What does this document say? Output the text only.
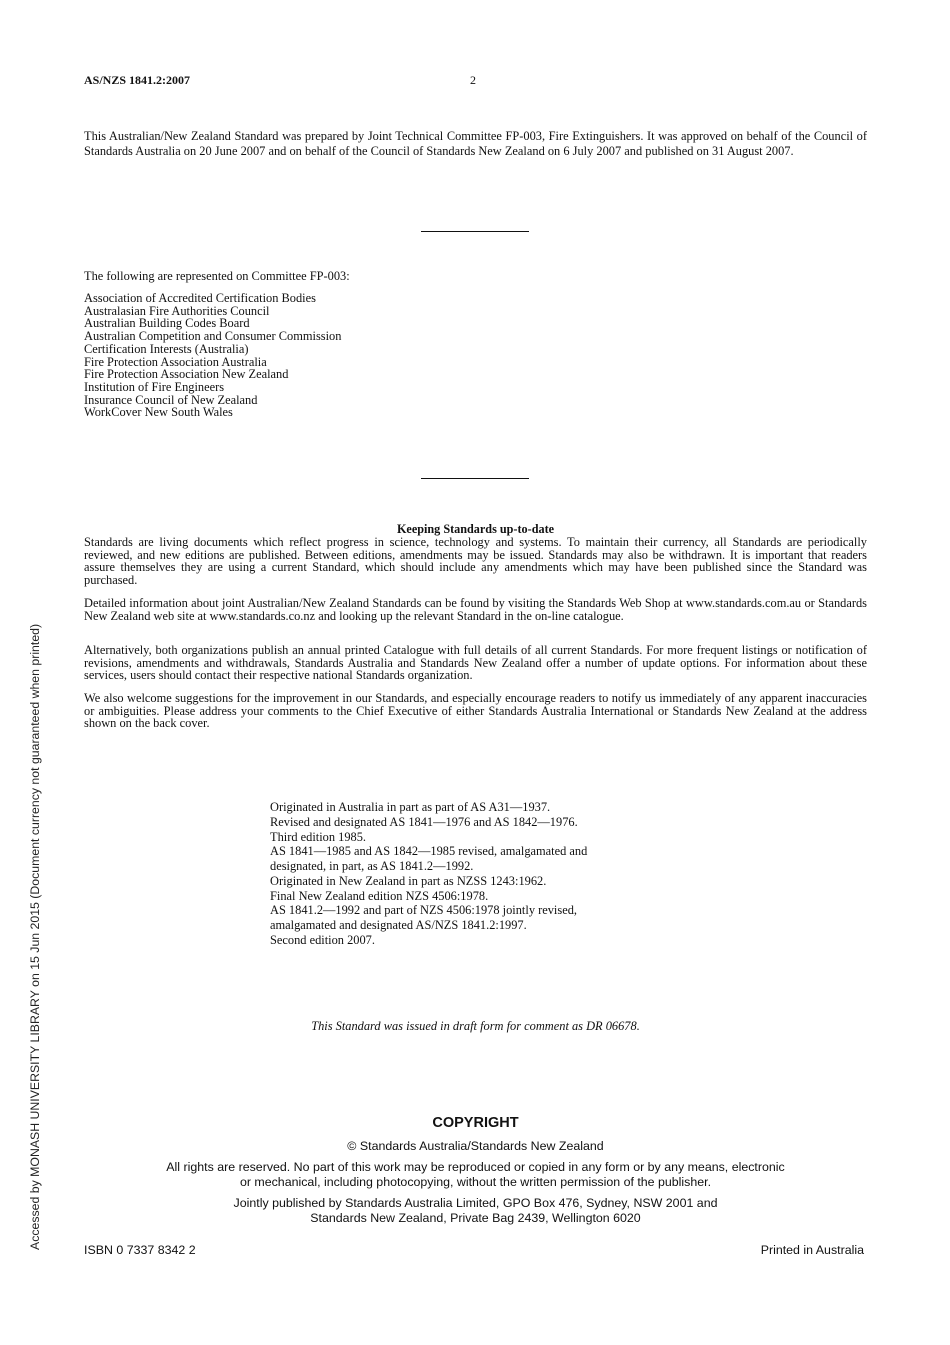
AS/NZS 1841.2:2007	2
This Australian/New Zealand Standard was prepared by Joint Technical Committee FP-003, Fire Extinguishers. It was approved on behalf of the Council of Standards Australia on 20 June 2007 and on behalf of the Council of Standards New Zealand on 6 July 2007 and published on 31 August 2007.
The following are represented on Committee FP-003:
Association of Accredited Certification Bodies
Australasian Fire Authorities Council
Australian Building Codes Board
Australian Competition and Consumer Commission
Certification Interests (Australia)
Fire Protection Association Australia
Fire Protection Association New Zealand
Institution of Fire Engineers
Insurance Council of New Zealand
WorkCover New South Wales
Keeping Standards up-to-date

Standards are living documents which reflect progress in science, technology and systems. To maintain their currency, all Standards are periodically reviewed, and new editions are published. Between editions, amendments may be issued. Standards may also be withdrawn. It is important that readers assure themselves they are using a current Standard, which should include any amendments which may have been published since the Standard was purchased.

Detailed information about joint Australian/New Zealand Standards can be found by visiting the Standards Web Shop at www.standards.com.au or Standards New Zealand web site at www.standards.co.nz and looking up the relevant Standard in the on-line catalogue.

Alternatively, both organizations publish an annual printed Catalogue with full details of all current Standards. For more frequent listings or notification of revisions, amendments and withdrawals, Standards Australia and Standards New Zealand offer a number of update options. For information about these services, users should contact their respective national Standards organization.

We also welcome suggestions for the improvement in our Standards, and especially encourage readers to notify us immediately of any apparent inaccuracies or ambiguities. Please address your comments to the Chief Executive of either Standards Australia International or Standards New Zealand at the address shown on the back cover.

Originated in Australia in part as part of AS A31—1937.
Revised and designated AS 1841—1976 and AS 1842—1976.
Third edition 1985.
AS 1841—1985 and AS 1842—1985 revised, amalgamated and
designated, in part, as AS 1841.2—1992.
Originated in New Zealand in part as NZSS 1243:1962.
Final New Zealand edition NZS 4506:1978.
AS 1841.2—1992 and part of NZS 4506:1978 jointly revised,
amalgamated and designated AS/NZS 1841.2:1997.
Second edition 2007.
This Standard was issued in draft form for comment as DR 06678.
COPYRIGHT
© Standards Australia/Standards New Zealand
All rights are reserved. No part of this work may be reproduced or copied in any form or by any means, electronic
or mechanical, including photocopying, without the written permission of the publisher.
Jointly published by Standards Australia Limited, GPO Box 476, Sydney, NSW 2001 and
Standards New Zealand, Private Bag 2439, Wellington 6020
ISBN 0 7337 8342 2	Printed in Australia
Accessed by MONASH UNIVERSITY LIBRARY on 15 Jun 2015 (Document currency not guaranteed when printed)
